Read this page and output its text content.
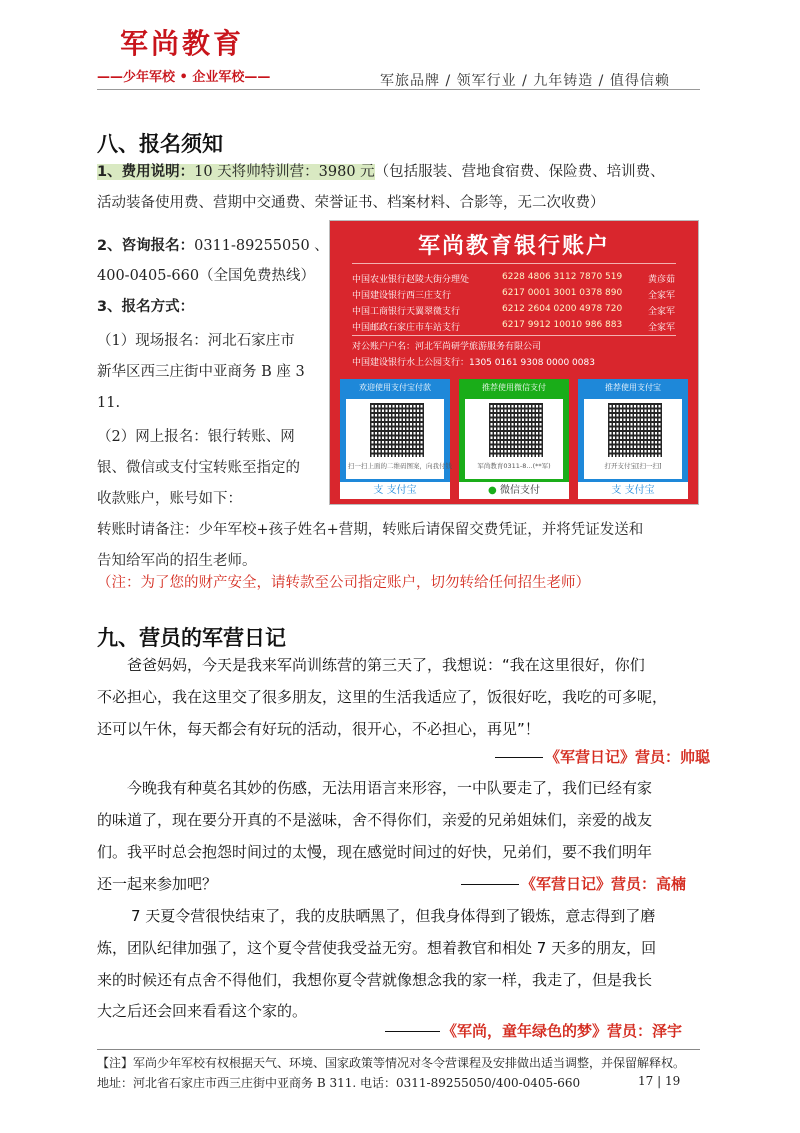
军尚教育
——少年军校 • 企业军校——	军旅品牌 / 领军行业 / 九年铸造 / 值得信赖
八、报名须知
1、费用说明：10 天将帅特训营：3980 元（包括服装、营地食宿费、保险费、培训费、
活动装备使用费、营期中交通费、荣誉证书、档案材料、合影等，无二次收费）
2、咨询报名：0311-89255050 、
400-0405-660（全国免费热线）
3、报名方式：
（1）现场报名：河北石家庄市
新华区西三庄街中亚商务 B 座 3
11.
（2）网上报名：银行转账、网
银、微信或支付宝转账至指定的
收款账户，账号如下：
军尚教育银行账户
中国农业银行赵陵大街分理处	6228 4806 3112 7870 519	黄彦茹
中国建设银行西三庄支行	6217 0001 3001 0378 890	全家军
中国工商银行天翼翠微支行	6212 2604 0200 4978 720	全家军
中国邮政石家庄市车站支行	6217 9912 10010 986 883	全家军
对公账户户名：河北军尚研学旅游服务有限公司
中国建设银行水上公园支行：1305 0161 9308 0000 0083
欢迎使用支付宝付款
扫一扫上面的二维码图案，向我付钱
支 支付宝
推荐使用微信支付
军尚教育0311-8...(**军)
● 微信支付
推荐使用支付宝
打开支付宝[扫一扫]
支 支付宝
转账时请备注：少年军校+孩子姓名+营期，转账后请保留交费凭证，并将凭证发送和
告知给军尚的招生老师。
（注：为了您的财产安全，请转款至公司指定账户，切勿转给任何招生老师）
九、营员的军营日记
爸爸妈妈，今天是我来军尚训练营的第三天了，我想说：“我在这里很好，你们
不必担心，我在这里交了很多朋友，这里的生活我适应了，饭很好吃，我吃的可多呢，
还可以午休，每天都会有好玩的活动，很开心，不必担心，再见”！
《军营日记》营员：帅聪
今晚我有种莫名其妙的伤感，无法用语言来形容，一中队要走了，我们已经有家
的味道了，现在要分开真的不是滋味，舍不得你们，亲爱的兄弟姐妹们，亲爱的战友
们。我平时总会抱怨时间过的太慢，现在感觉时间过的好快，兄弟们，要不我们明年
还一起来参加吧？	《军营日记》营员：高楠
7 天夏令营很快结束了，我的皮肤晒黑了，但我身体得到了锻炼，意志得到了磨
炼，团队纪律加强了，这个夏令营使我受益无穷。想着教官和相处 7 天多的朋友，回
来的时候还有点舍不得他们，我想你夏令营就像想念我的家一样，我走了，但是我长
大之后还会回来看看这个家的。
《军尚，童年绿色的梦》营员：泽宇
【注】军尚少年军校有权根据天气、环境、国家政策等情况对冬令营课程及安排做出适当调整，并保留解释权。
地址：河北省石家庄市西三庄街中亚商务 B 311. 电话：0311-89255050/400-0405-660	17 | 19
